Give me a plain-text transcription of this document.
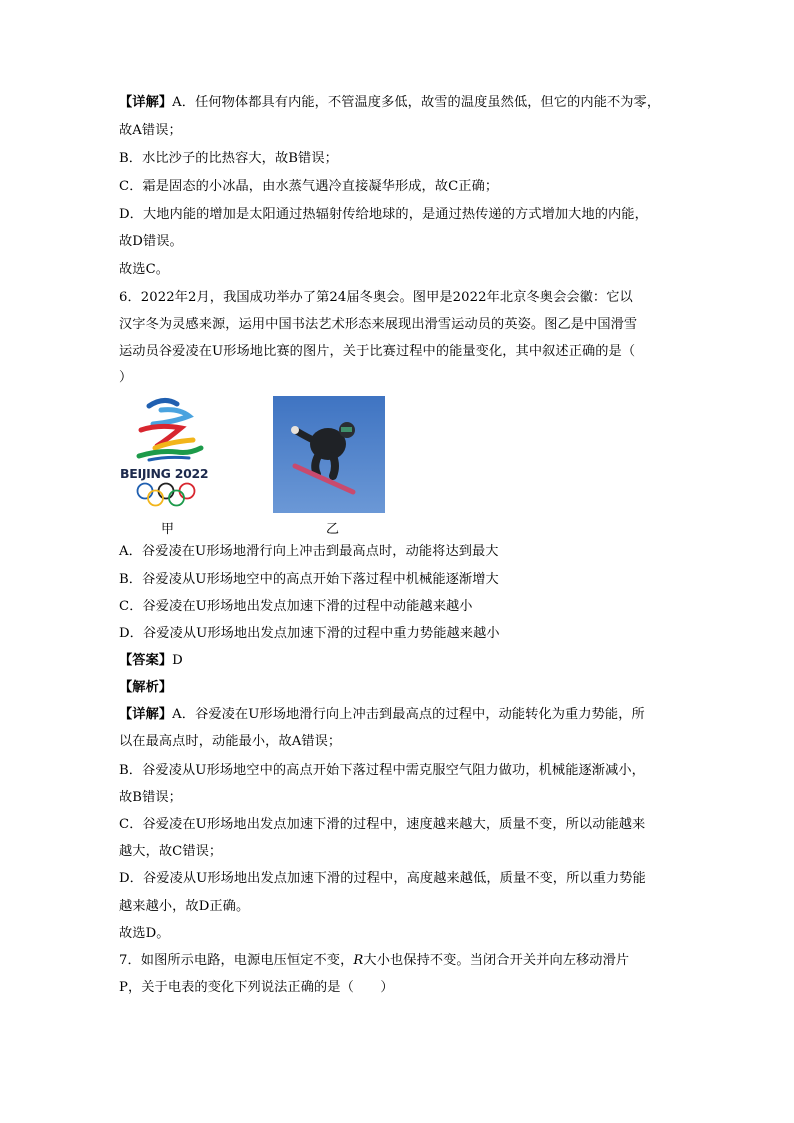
【详解】A．任何物体都具有内能，不管温度多低，故雪的温度虽然低，但它的内能不为零，
故A错误；
B．水比沙子的比热容大，故B错误；
C．霜是固态的小冰晶，由水蒸气遇冷直接凝华形成，故C正确；
D．大地内能的增加是太阳通过热辐射传给地球的，是通过热传递的方式增加大地的内能，
故D错误。
故选C。
6．2022年2月，我国成功举办了第24届冬奥会。图甲是2022年北京冬奥会会徽：它以
汉字冬为灵感来源，运用中国书法艺术形态来展现出滑雪运动员的英姿。图乙是中国滑雪
运动员谷爱凌在U形场地比赛的图片，关于比赛过程中的能量变化，其中叙述正确的是（
）
BEIJING 2022
甲	乙
A．谷爱凌在U形场地滑行向上冲击到最高点时，动能将达到最大
B．谷爱凌从U形场地空中的高点开始下落过程中机械能逐渐增大
C．谷爱凌在U形场地出发点加速下滑的过程中动能越来越小
D．谷爱凌从U形场地出发点加速下滑的过程中重力势能越来越小
【答案】D
【解析】
【详解】A．谷爱凌在U形场地滑行向上冲击到最高点的过程中，动能转化为重力势能，所
以在最高点时，动能最小，故A错误；
B．谷爱凌从U形场地空中的高点开始下落过程中需克服空气阻力做功，机械能逐渐减小，
故B错误；
C．谷爱凌在U形场地出发点加速下滑的过程中，速度越来越大，质量不变，所以动能越来
越大，故C错误；
D．谷爱凌从U形场地出发点加速下滑的过程中，高度越来越低，质量不变，所以重力势能
越来越小，故D正确。
故选D。
7．如图所示电路，电源电压恒定不变，R大小也保持不变。当闭合开关并向左移动滑片
P，关于电表的变化下列说法正确的是（　　）
